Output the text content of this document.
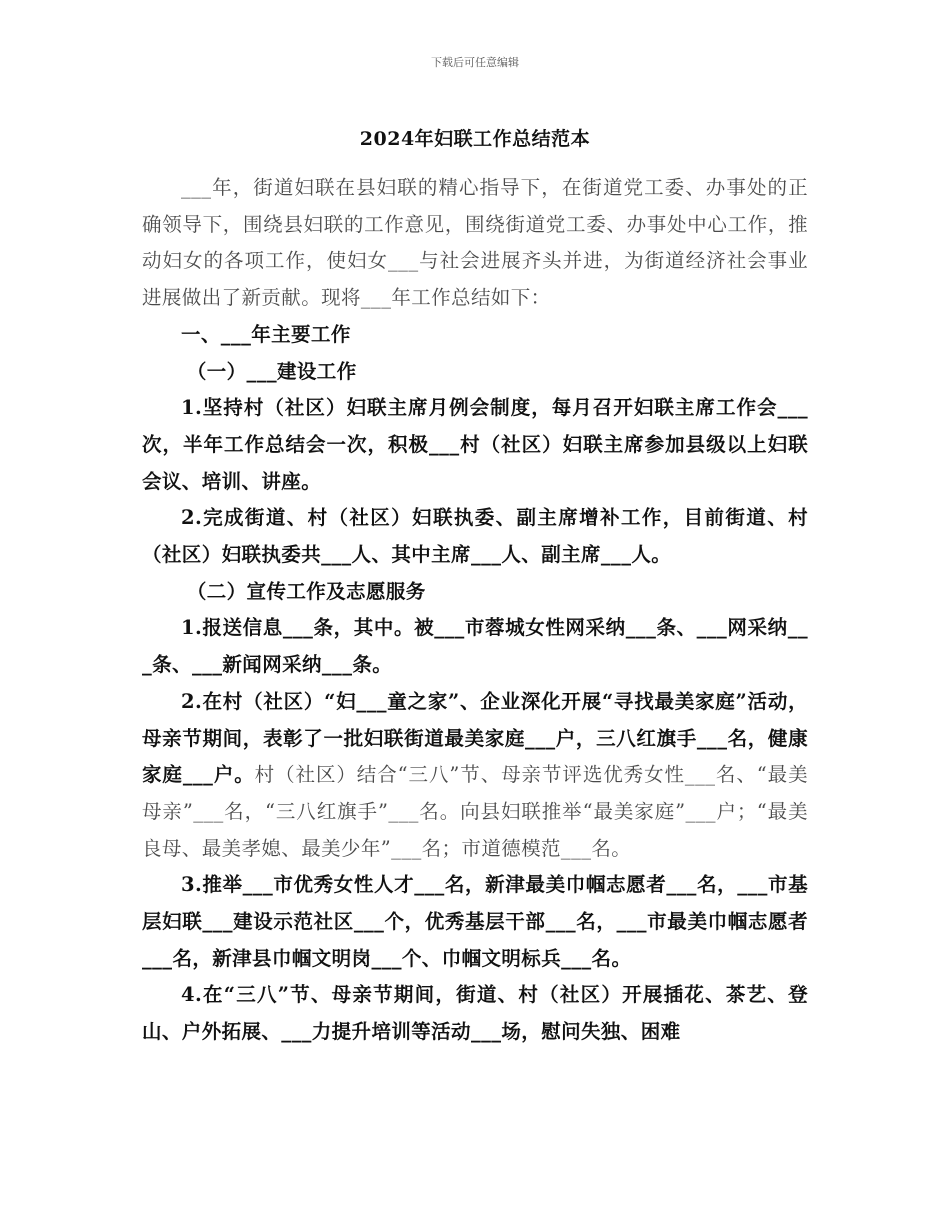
下载后可任意编辑
2024年妇联工作总结范本

___年，街道妇联在县妇联的精心指导下，在街道党工委、办事处的正确领导下，围绕县妇联的工作意见，围绕街道党工委、办事处中心工作，推动妇女的各项工作，使妇女___与社会进展齐头并进，为街道经济社会事业进展做出了新贡献。现将___年工作总结如下：

一、___年主要工作

（一）___建设工作

1.坚持村（社区）妇联主席月例会制度，每月召开妇联主席工作会___次，半年工作总结会一次，积极___村（社区）妇联主席参加县级以上妇联会议、培训、讲座。

2.完成街道、村（社区）妇联执委、副主席增补工作，目前街道、村（社区）妇联执委共___人、其中主席___人、副主席___人。

（二）宣传工作及志愿服务

1.报送信息___条，其中。被___市蓉城女性网采纳___条、___网采纳___条、___新闻网采纳___条。

2.在村（社区）“妇___童之家”、企业深化开展“寻找最美家庭”活动，母亲节期间，表彰了一批妇联街道最美家庭___户，三八红旗手___名，健康家庭___户。村（社区）结合“三八”节、母亲节评选优秀女性___名、“最美母亲”___名，“三八红旗手”___名。向县妇联推举“最美家庭”___户；“最美良母、最美孝媳、最美少年”___名；市道德模范___名。

3.推举___市优秀女性人才___名，新津最美巾帼志愿者___名，___市基层妇联___建设示范社区___个，优秀基层干部___名，___市最美巾帼志愿者___名，新津县巾帼文明岗___个、巾帼文明标兵___名。

4.在“三八”节、母亲节期间，街道、村（社区）开展插花、茶艺、登山、户外拓展、___力提升培训等活动___场，慰问失独、困难
